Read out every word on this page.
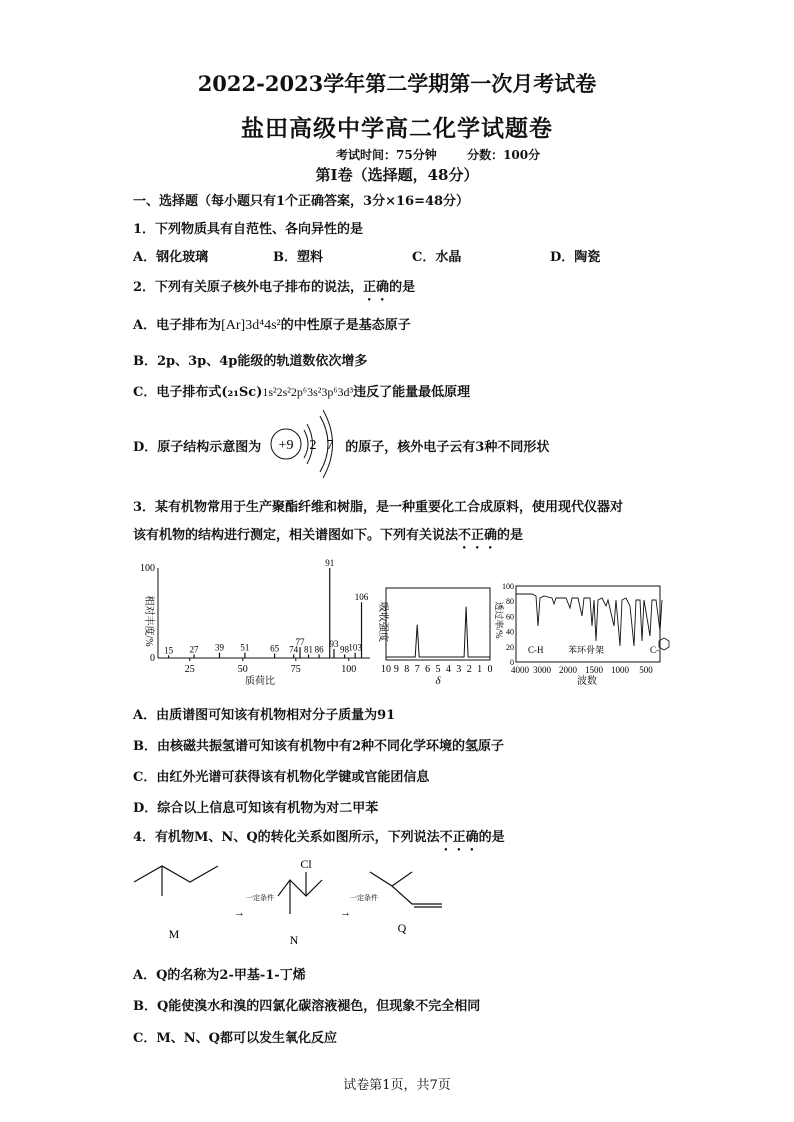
2022-2023学年第二学期第一次月考试卷
盐田高级中学高二化学试题卷
考试时间：75分钟	分数：100分
第Ⅰ卷（选择题，48分）
一、选择题（每小题只有1个正确答案，3分×16=48分）
1．下列物质具有自范性、各向异性的是
A．钢化玻璃	B．塑料	C．水晶	D．陶瓷
2．下列有关原子核外电子排布的说法，正确的是
A．电子排布为[Ar]3d⁴4s²的中性原子是基态原子
B．2p、3p、4p能级的轨道数依次增多
C．电子排布式(₂₁Sc)1s²2s²2p⁶3s²3p⁶3d³违反了能量最低原理
D．原子结构示意图为	的原子，核外电子云有3种不同形状
+9 2 7
3．某有机物常用于生产聚酯纤维和树脂，是一种重要化工合成原料，使用现代仪器对
该有机物的结构进行测定，相关谱图如下。下列有关说法不正确的是
0
100
25	50	75	100
15 27 39 51 65 74
77
81 86
91
93
98 103
106
相对丰度/%
质荷比
10 9 8 7 6 5 4 3 2 1 0
吸收强度
δ
0
20
40
60
80
100
4000 3000 2000 1500 1000 500
透过率/%
波数
C-H	苯环骨架	C-
A．由质谱图可知该有机物相对分子质量为91
B．由核磁共振氢谱可知该有机物中有2种不同化学环境的氢原子
C．由红外光谱可获得该有机物化学键或官能团信息
D．综合以上信息可知该有机物为对二甲苯
4．有机物M、N、Q的转化关系如图所示，下列说法不正确的是
M
一定条件
→
Cl
N
一定条件
→
Q
A．Q的名称为2-甲基-1-丁烯
B．Q能使溴水和溴的四氯化碳溶液褪色，但现象不完全相同
C．M、N、Q都可以发生氧化反应
试卷第1页，共7页
